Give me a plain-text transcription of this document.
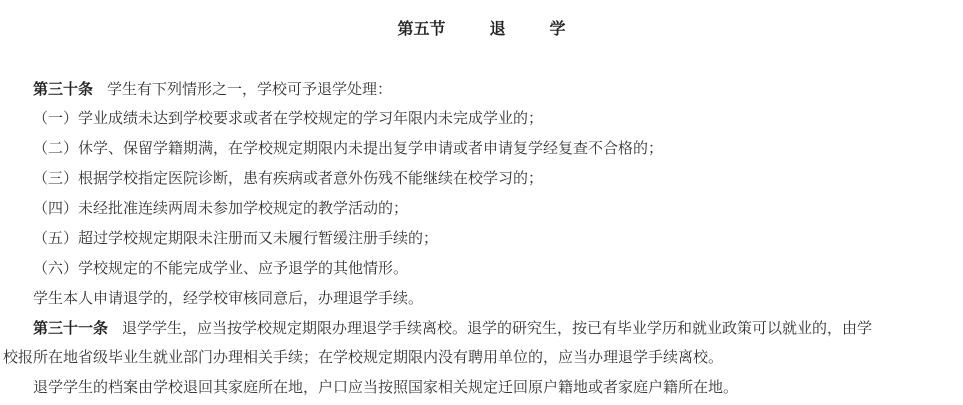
第五节	退	学
第三十条 学生有下列情形之一，学校可予退学处理：
（一）学业成绩未达到学校要求或者在学校规定的学习年限内未完成学业的；
（二）休学、保留学籍期满，在学校规定期限内未提出复学申请或者申请复学经复查不合格的；
（三）根据学校指定医院诊断，患有疾病或者意外伤残不能继续在校学习的；
（四）未经批准连续两周未参加学校规定的教学活动的；
（五）超过学校规定期限未注册而又未履行暂缓注册手续的；
（六）学校规定的不能完成学业、应予退学的其他情形。
学生本人申请退学的，经学校审核同意后，办理退学手续。
第三十一条 退学学生，应当按学校规定期限办理退学手续离校。退学的研究生，按已有毕业学历和就业政策可以就业的，由学
校报所在地省级毕业生就业部门办理相关手续；在学校规定期限内没有聘用单位的，应当办理退学手续离校。
退学学生的档案由学校退回其家庭所在地，户口应当按照国家相关规定迁回原户籍地或者家庭户籍所在地。
